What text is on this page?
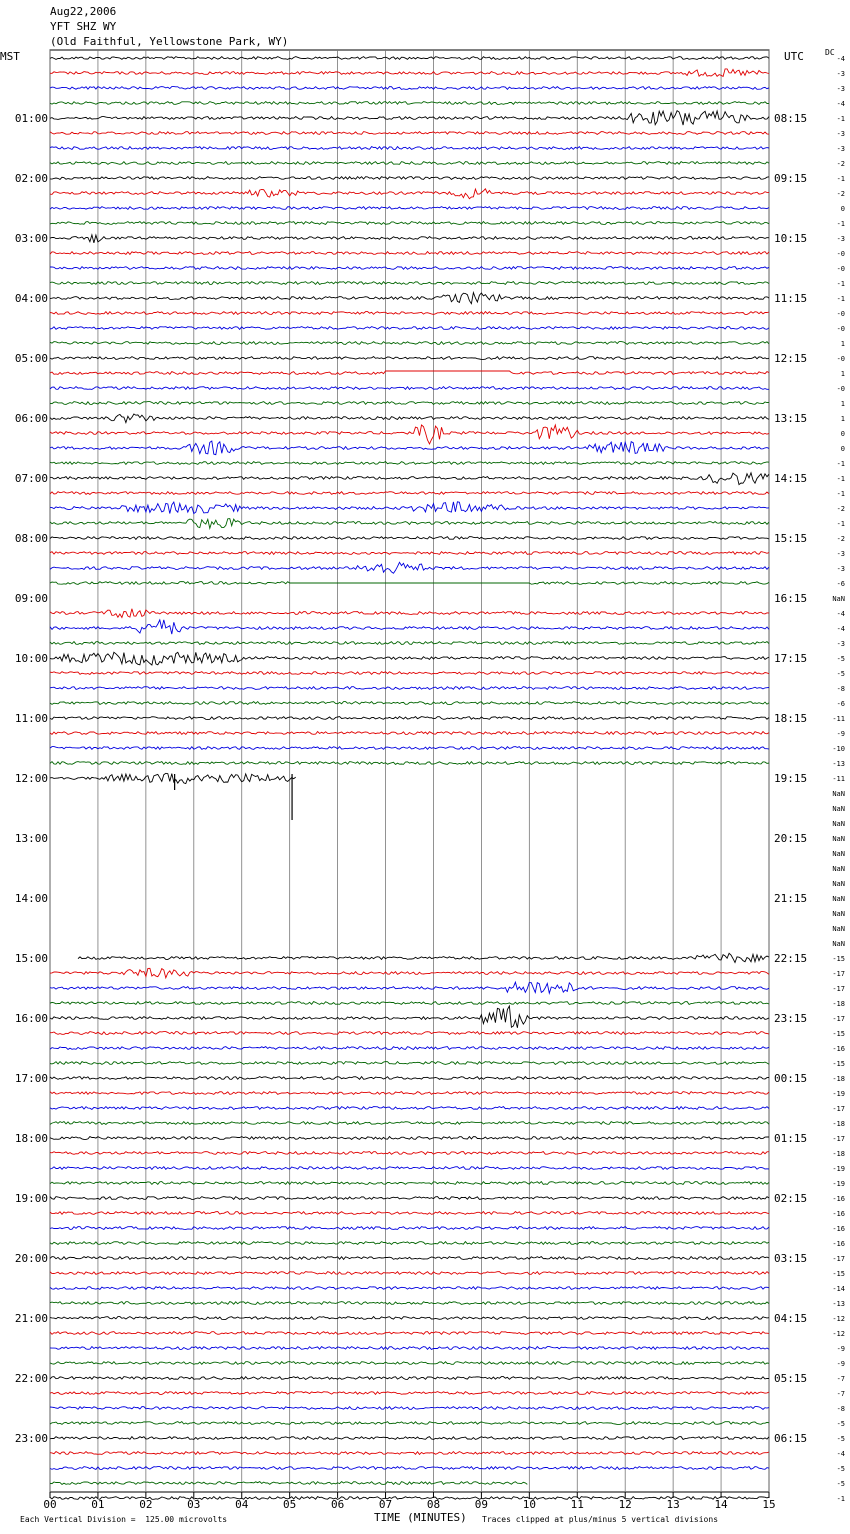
Aug22,2006
YFT SHZ WY
(Old Faithful, Yellowstone Park, WY)
MST	UTC	DC
00	01	02	03	04	05	06	07	08	09	10	11	12	13	14	15
01:00
02:00
03:00
04:00
05:00
06:00
07:00
08:00
09:00
10:00
11:00
12:00
13:00
14:00
15:00
16:00
17:00
18:00
19:00
20:00
21:00
22:00
23:00
08:15
09:15
10:15
11:15
12:15
13:15
14:15
15:15
16:15
17:15
18:15
19:15
20:15
21:15
22:15
23:15
00:15
01:15
02:15
03:15
04:15
05:15
06:15
-4
-3
-3
-4
-1
-3
-3
-2
-1
-2
0
-1
-3
-0
-0
-1
-1
-0
-0
1
-0
1
-0
1
1
0
0
-1
-1
-1
-2
-1
-2
-3
-3
-6
NaN
-4
-4
-3
-5
-5
-8
-6
-11
-9
-10
-13
-11
NaN
NaN
NaN
NaN
NaN
NaN
NaN
NaN
NaN
NaN
NaN
-15
-17
-17
-18
-17
-15
-16
-15
-18
-19
-17
-18
-17
-18
-19
-19
-16
-16
-16
-16
-17
-15
-14
-13
-12
-12
-9
-9
-7
-7
-8
-5
-5
-4
-5
-5
-1
Each Vertical Division =  125.00 microvolts	TIME (MINUTES) Traces clipped at plus/minus 5 vertical divisions
